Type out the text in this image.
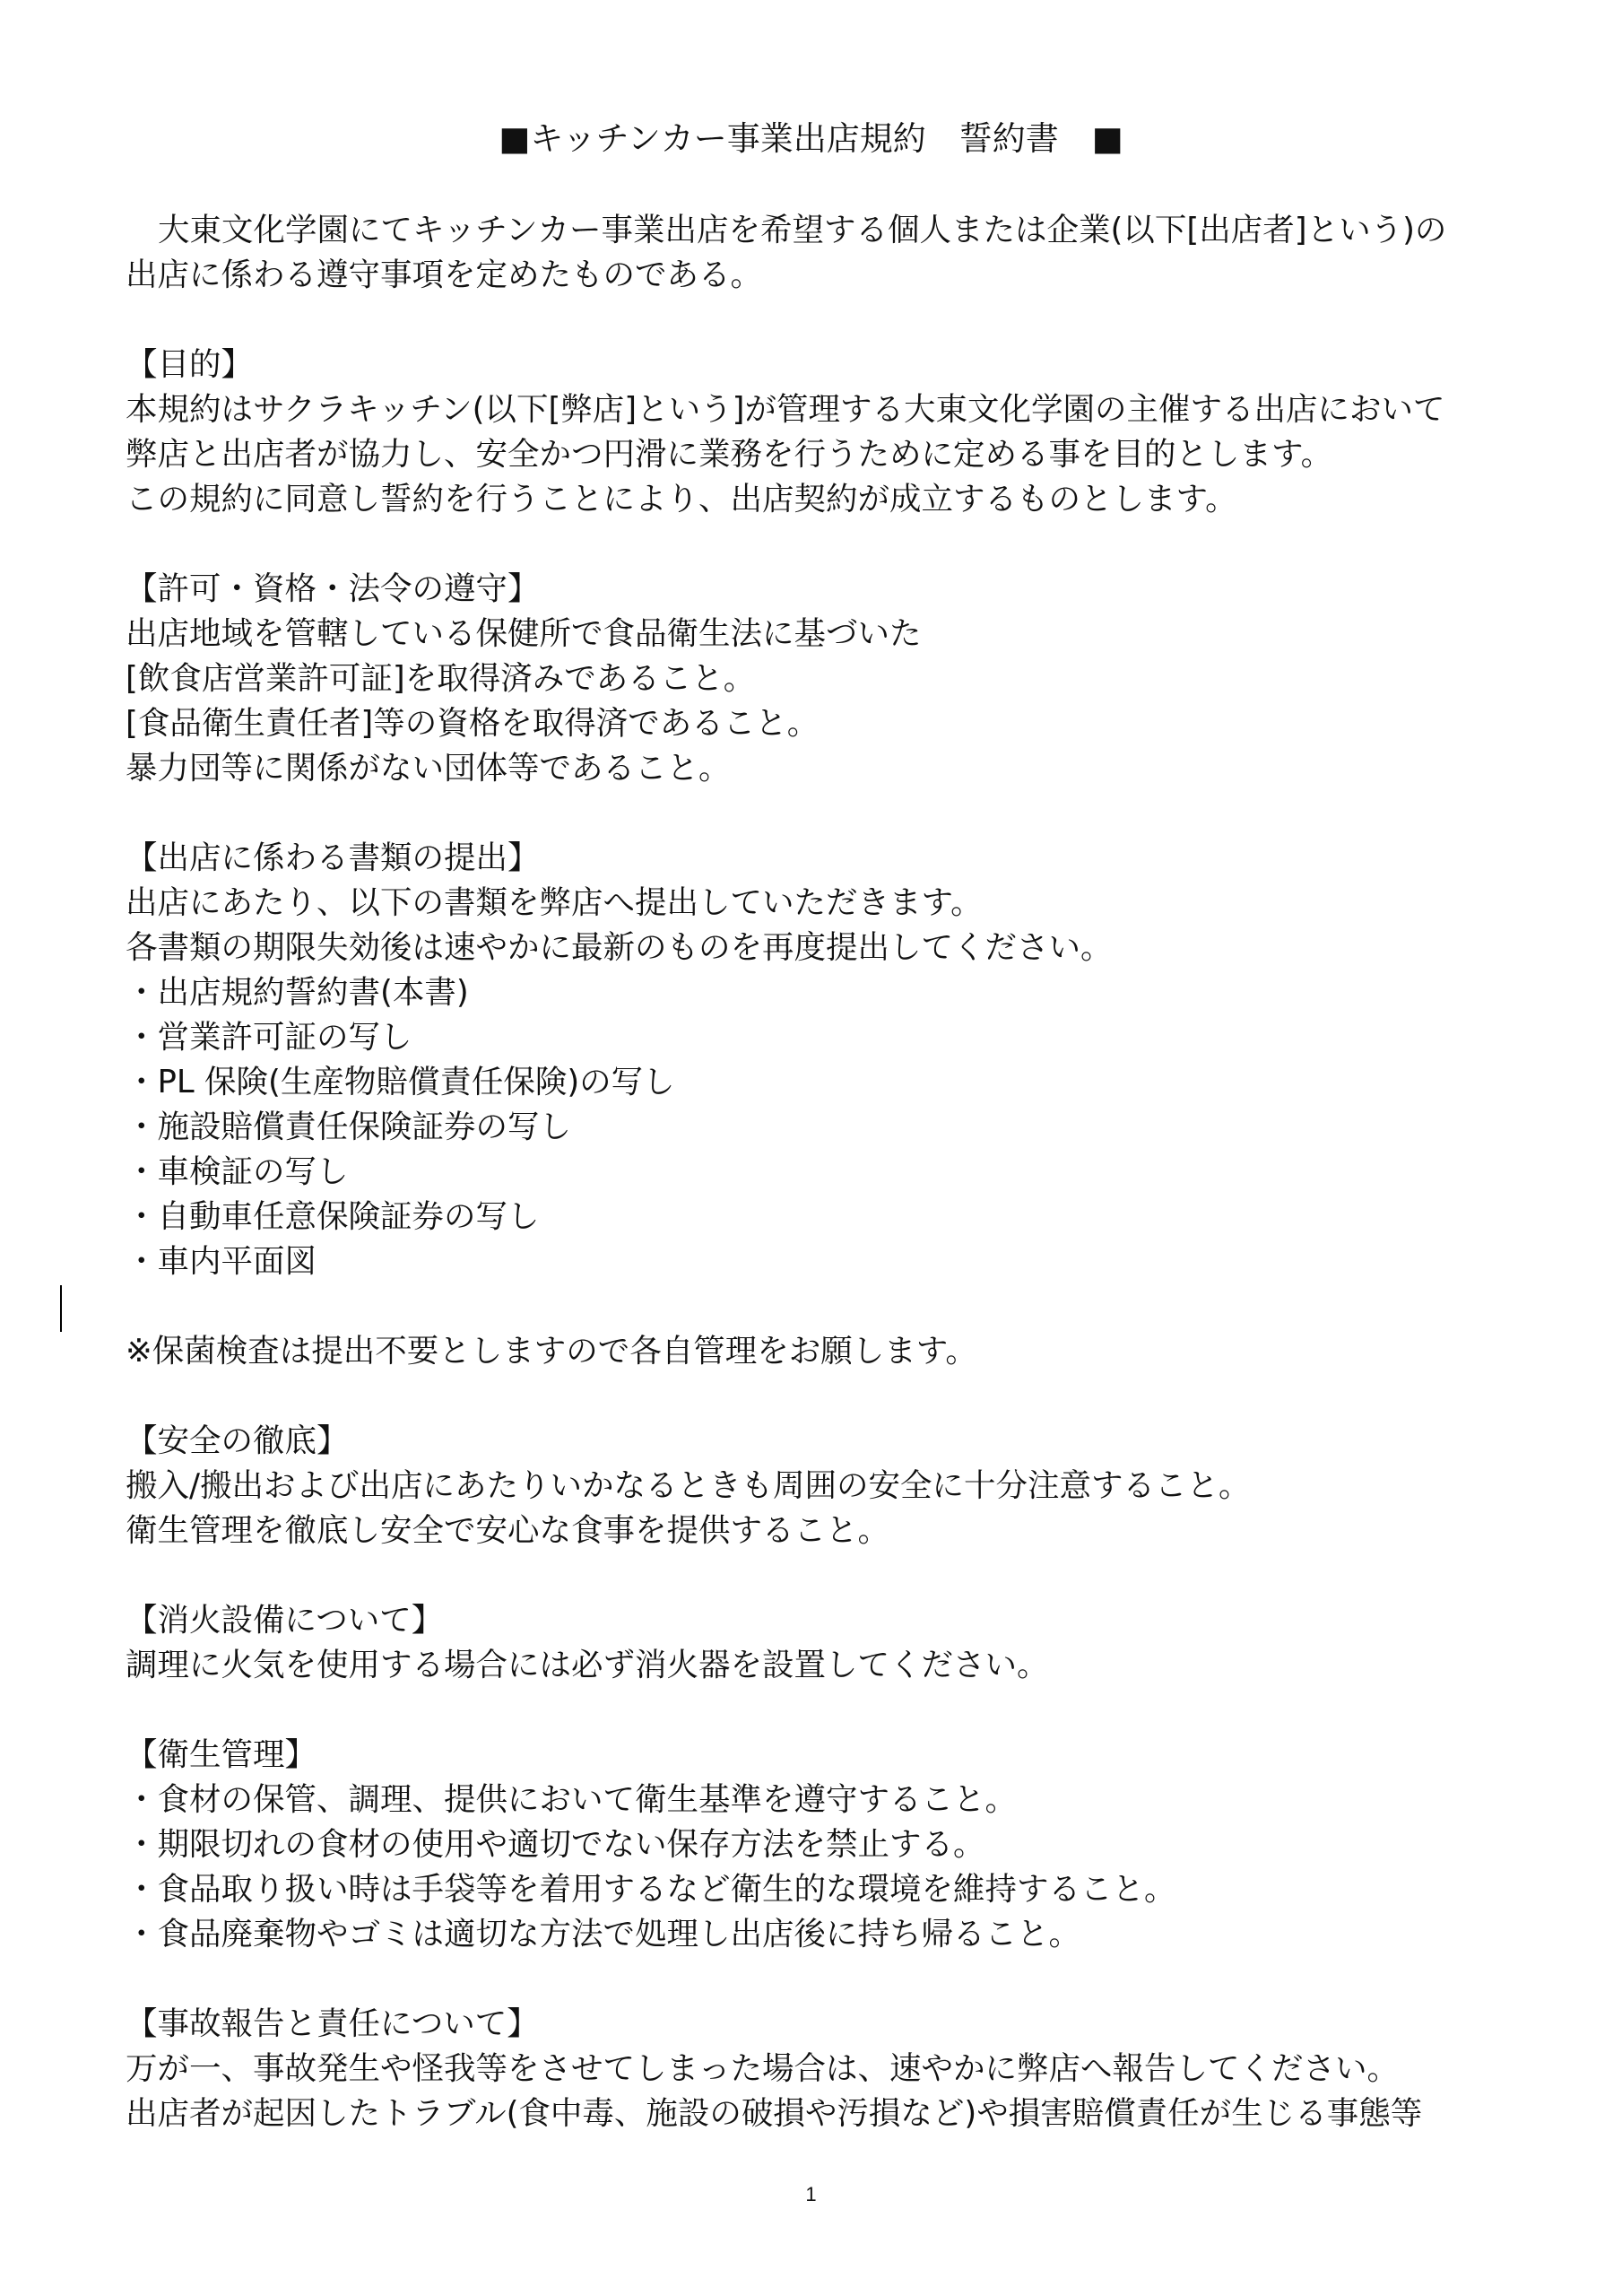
■キッチンカー事業出店規約　誓約書　■
大東文化学園にてキッチンカー事業出店を希望する個人または企業(以下[出店者]という)の
出店に係わる遵守事項を定めたものである。
【目的】
本規約はサクラキッチン(以下[弊店]という]が管理する大東文化学園の主催する出店において
弊店と出店者が協力し、安全かつ円滑に業務を行うために定める事を目的とします。
この規約に同意し誓約を行うことにより、出店契約が成立するものとします。
【許可・資格・法令の遵守】
出店地域を管轄している保健所で食品衛生法に基づいた
[飲食店営業許可証]を取得済みであること。
[食品衛生責任者]等の資格を取得済であること。
暴力団等に関係がない団体等であること。
【出店に係わる書類の提出】
出店にあたり、以下の書類を弊店へ提出していただきます。
各書類の期限失効後は速やかに最新のものを再度提出してください。
・出店規約誓約書(本書)
・営業許可証の写し
・PL 保険(生産物賠償責任保険)の写し
・施設賠償責任保険証券の写し
・車検証の写し
・自動車任意保険証券の写し
・車内平面図
※保菌検査は提出不要としますので各自管理をお願します。
【安全の徹底】
搬入/搬出および出店にあたりいかなるときも周囲の安全に十分注意すること。
衛生管理を徹底し安全で安心な食事を提供すること。
【消火設備について】
調理に火気を使用する場合には必ず消火器を設置してください。
【衛生管理】
・食材の保管、調理、提供において衛生基準を遵守すること。
・期限切れの食材の使用や適切でない保存方法を禁止する。
・食品取り扱い時は手袋等を着用するなど衛生的な環境を維持すること。
・食品廃棄物やゴミは適切な方法で処理し出店後に持ち帰ること。
【事故報告と責任について】
万が一、事故発生や怪我等をさせてしまった場合は、速やかに弊店へ報告してください。
出店者が起因したトラブル(食中毒、施設の破損や汚損など)や損害賠償責任が生じる事態等
1
